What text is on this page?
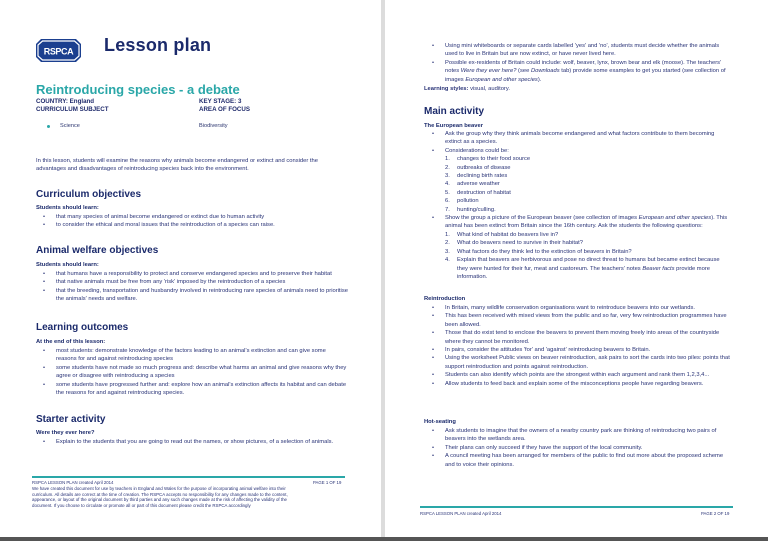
RSPCA Lesson plan
Reintroducing species - a debate
COUNTRY: England	KEY STAGE: 3
CURRICULUM SUBJECT	AREA OF FOCUS
Science	Biodiversity
In this lesson, students will examine the reasons why animals become endangered or extinct and consider the advantages and disadvantages of reintroducing species back into the environment.
Curriculum objectives
Students should learn:
• that many species of animal become endangered or extinct due to human activity
• to consider the ethical and moral issues that the reintroduction of a species can raise.
Animal welfare objectives
Students should learn:
• that humans have a responsibility to protect and conserve endangered species and to preserve their habitat
• that native animals must be free from any 'risk' imposed by the reintroduction of a species
• that the breeding, transportation and husbandry involved in reintroducing rare species of animals need to prioritise the animals' needs and welfare.
Learning outcomes
At the end of this lesson:
• most students: demonstrate knowledge of the factors leading to an animal's extinction and can give some reasons for and against reintroducing species
• some students have not made so much progress and: describe what harms an animal and give reasons why they agree or disagree with reintroducing a species
• some students have progressed further and: explore how an animal's extinction affects its habitat and can debate the reasons for and against reintroducing species.
Starter activity
Were they ever here?
• Explain to the students that you are going to read out the names, or show pictures, of a selection of animals.
RSPCA LESSON PLAN created April 2014	PAGE 1 OF 19
We have created this document for use by teachers in England and Wales for the purpose of incorporating animal welfare into their curriculum. All details are correct at the time of creation. The RSPCA accepts no responsibility for any changes made to the content, appearance, or layout of the original document by third parties and any such changes made at the risk of affecting the validity of the document. If you choose to circulate or promote all or part of this document please credit the RSPCA accordingly
• Using mini whiteboards or separate cards labelled 'yes' and 'no', students must decide whether the animals used to live in Britain but are now extinct, or have never lived here.
• Possible ex-residents of Britain could include: wolf, beaver, lynx, brown bear and elk (moose). The teachers' notes Were they ever here? (see Downloads tab) provide some examples to get you started (see collection of images European and other species).
Learning styles: visual, auditory.
Main activity
The European beaver
• Ask the group why they think animals become endangered and what factors contribute to them becoming extinct as a species.
• Considerations could be:
1. changes to their food source
2. outbreaks of disease
3. declining birth rates
4. adverse weather
5. destruction of habitat
6. pollution
7. hunting/culling.
• Show the group a picture of the European beaver (see collection of images European and other species). This animal has been extinct from Britain since the 16th century. Ask the students the following questions:
1. What kind of habitat do beavers live in?
2. What do beavers need to survive in their habitat?
3. What factors do they think led to the extinction of beavers in Britain?
4. Explain that beavers are herbivorous and pose no direct threat to humans but became extinct because they were hunted for their fur, meat and castoreum. The teachers' notes Beaver facts provide more information.
Reintroduction
• In Britain, many wildlife conservation organisations want to reintroduce beavers into our wetlands.
• This has been received with mixed views from the public and so far, very few reintroduction programmes have been allowed.
• Those that do exist tend to enclose the beavers to prevent them moving freely into areas of the countryside where they cannot be monitored.
• In pairs, consider the attitudes 'for' and 'against' reintroducing beavers to Britain.
• Using the worksheet Public views on beaver reintroduction, ask pairs to sort the cards into two piles: points that support reintroduction and points against reintroduction.
• Students can also identify which points are the strongest within each argument and rank them 1,2,3,4...
• Allow students to feed back and explain some of the misconceptions people have regarding beavers.
Hot-seating
• Ask students to imagine that the owners of a nearby country park are thinking of reintroducing two pairs of beavers into the wetlands area.
• Their plans can only succeed if they have the support of the local community.
• A council meeting has been arranged for members of the public to find out more about the proposed scheme and to voice their opinions.
RSPCA LESSON PLAN created April 2014	PAGE 2 OF 19
